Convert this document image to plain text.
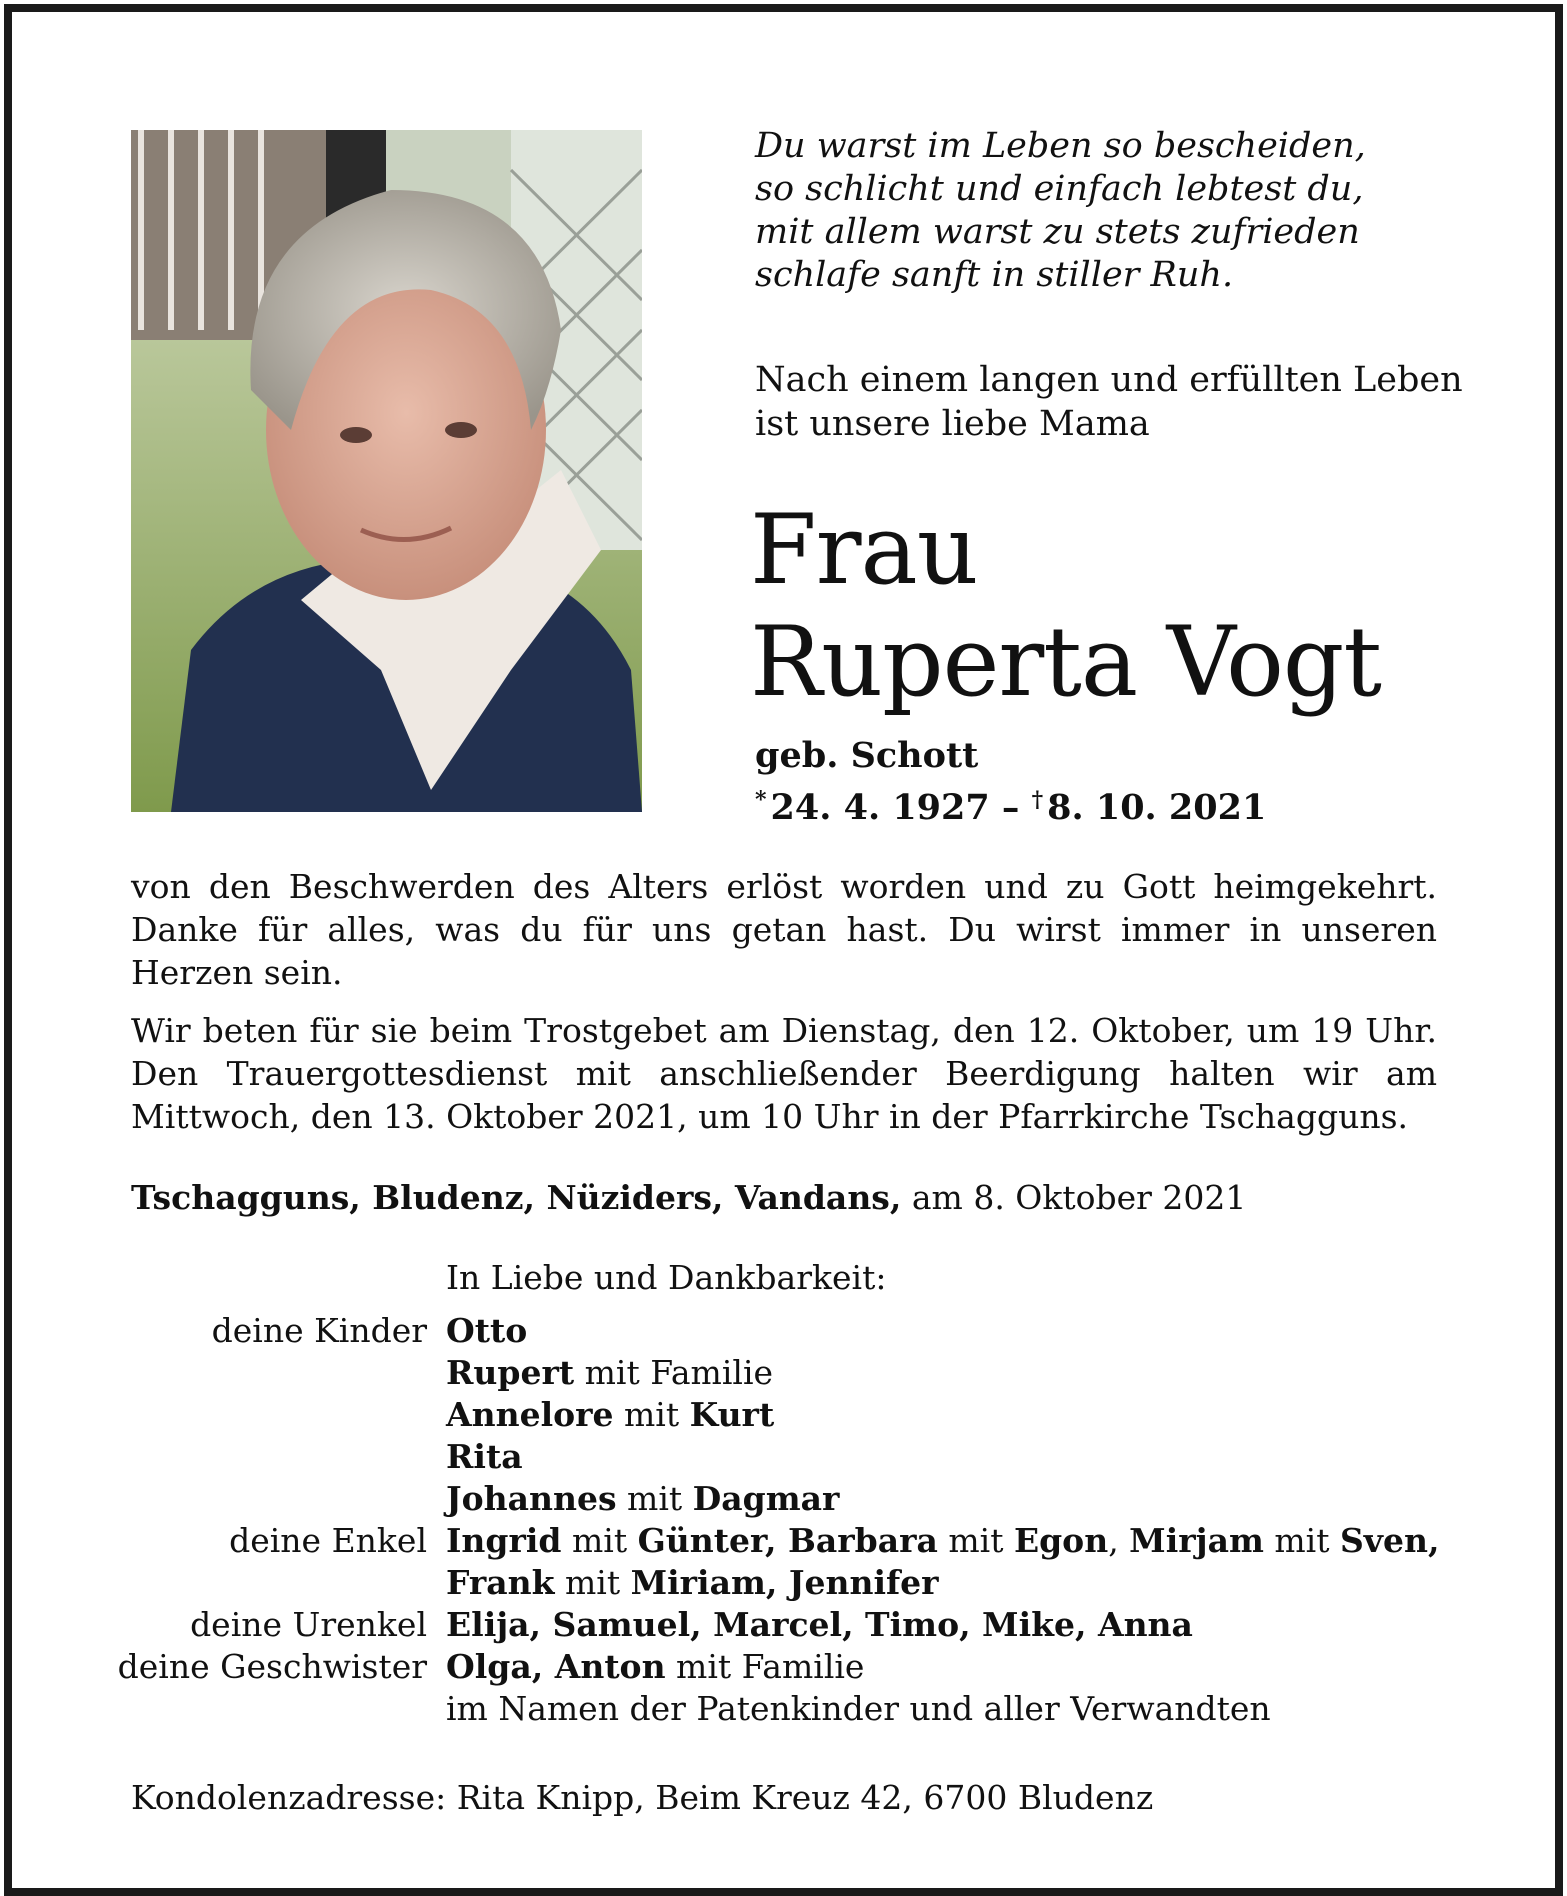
Du warst im Leben so bescheiden,
so schlicht und einfach lebtest du,
mit allem warst zu stets zufrieden
schlafe sanft in stiller Ruh.
Nach einem langen und erfüllten Leben
ist unsere liebe Mama
Frau
Ruperta Vogt
geb. Schott
* 24. 4. 1927 – † 8. 10. 2021
von den Beschwerden des Alters erlöst worden und zu Gott heimgekehrt. Danke für alles, was du für uns getan hast. Du wirst immer in unseren Herzen sein.
Wir beten für sie beim Trostgebet am Dienstag, den 12. Oktober, um 19 Uhr. Den Trauergottesdienst mit anschließender Beerdigung halten wir am Mittwoch, den 13. Oktober 2021, um 10 Uhr in der Pfarrkirche Tschagguns.
Tschagguns, Bludenz, Nüziders, Vandans, am 8. Oktober 2021
In Liebe und Dankbarkeit:
deine Kinder Otto
Rupert mit Familie
Annelore mit Kurt
Rita
Johannes mit Dagmar
deine Enkel Ingrid mit Günter, Barbara mit Egon, Mirjam mit Sven,
Frank mit Miriam, Jennifer
deine Urenkel Elija, Samuel, Marcel, Timo, Mike, Anna
deine Geschwister Olga, Anton mit Familie
im Namen der Patenkinder und aller Verwandten
Kondolenzadresse: Rita Knipp, Beim Kreuz 42, 6700 Bludenz
